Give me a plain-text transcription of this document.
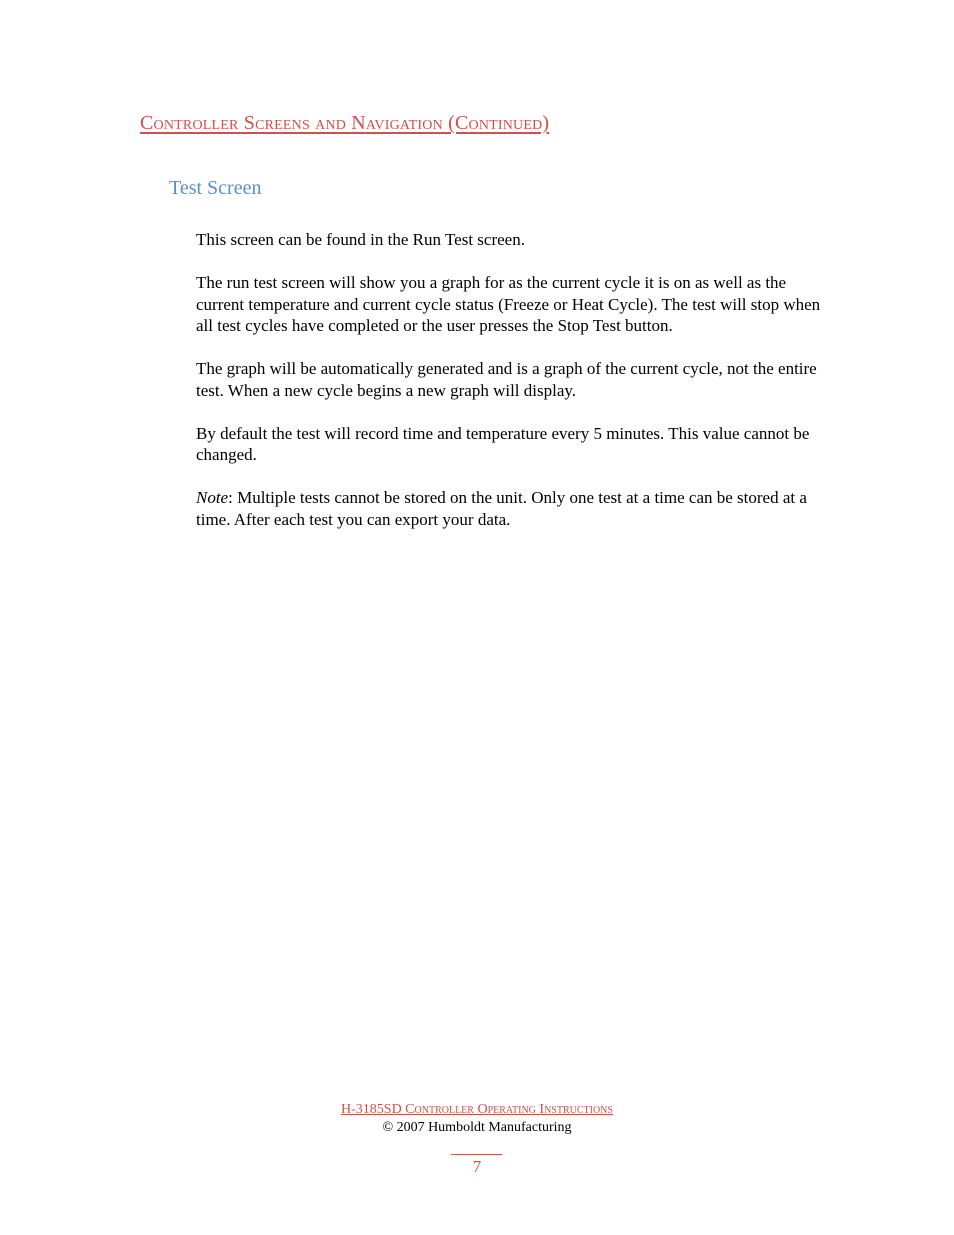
Controller Screens and Navigation (Continued)
Test Screen

This screen can be found in the Run Test screen.

The run test screen will show you a graph for as the current cycle it is on as well as the current temperature and current cycle status (Freeze or Heat Cycle). The test will stop when all test cycles have completed or the user presses the Stop Test button.

The graph will be automatically generated and is a graph of the current cycle, not the entire test. When a new cycle begins a new graph will display.

By default the test will record time and temperature every 5 minutes. This value cannot be changed.

Note: Multiple tests cannot be stored on the unit. Only one test at a time can be stored at a time. After each test you can export your data.

H-3185SD Controller Operating Instructions
© 2007 Humboldt Manufacturing
7
